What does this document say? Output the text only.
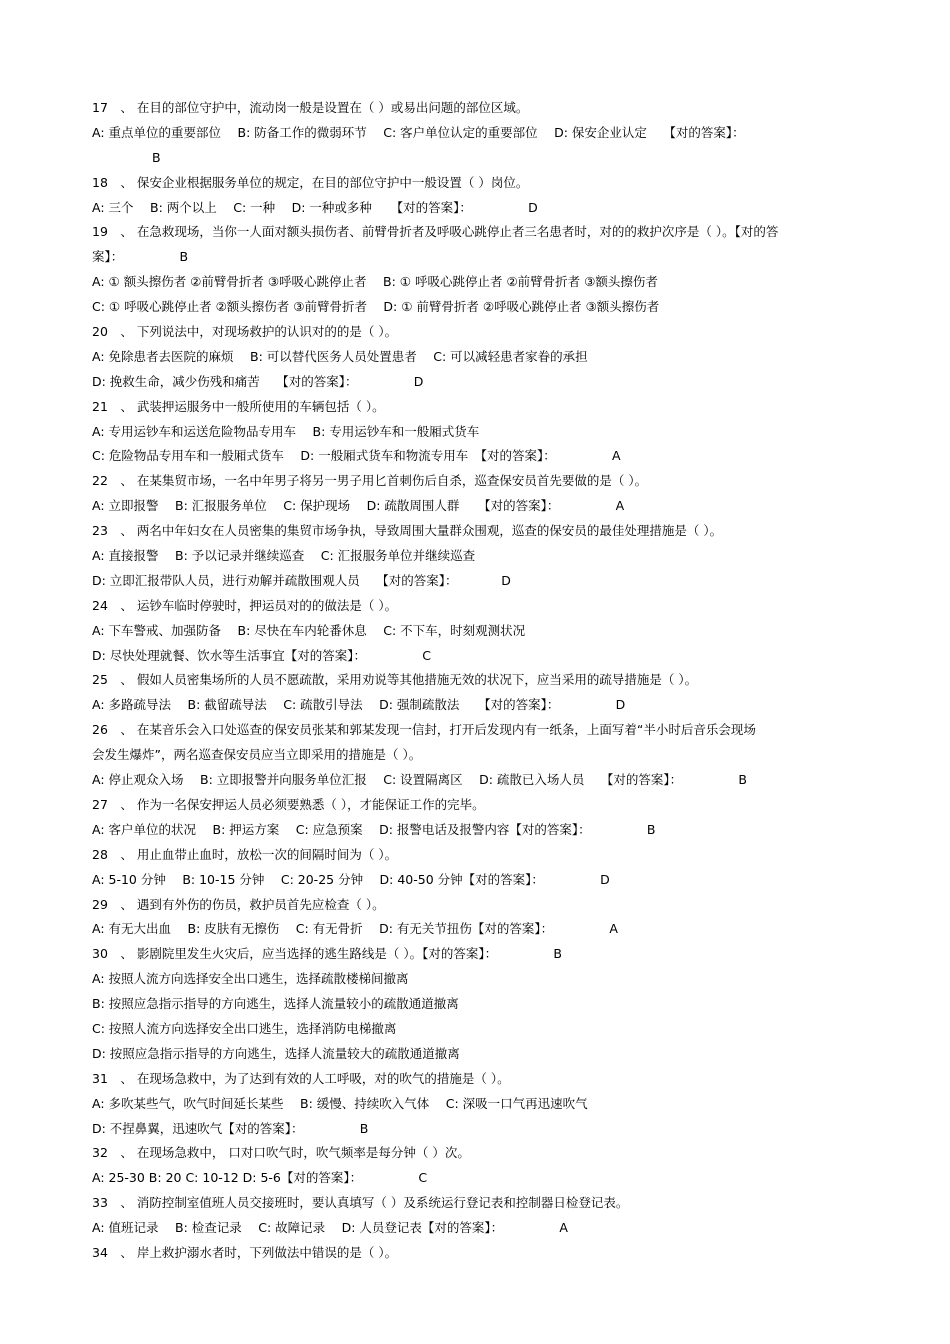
17　、 在目的部位守护中，流动岗一般是设置在（ ）或易出问题的部位区域。
A: 重点单位的重要部位　 B: 防备工作的微弱环节　 C: 客户单位认定的重要部位　 D: 保安企业认定　 【对的答案】：
B
18　、 保安企业根据服务单位的规定，在目的部位守护中一般设置（ ）岗位。
A: 三个　 B: 两个以上　 C: 一种　 D: 一种或多种　　【对的答案】：　　　　　D
19　、 在急救现场，当你一人面对额头损伤者、前臂骨折者及呼吸心跳停止者三名患者时，对的的救护次序是（ ）。【对的答
案】：　　　　　B
A: ① 额头擦伤者 ②前臂骨折者 ③呼吸心跳停止者　 B: ① 呼吸心跳停止者 ②前臂骨折者 ③额头擦伤者
C: ① 呼吸心跳停止者 ②额头擦伤者 ③前臂骨折者　 D: ① 前臂骨折者 ②呼吸心跳停止者 ③额头擦伤者
20　、 下列说法中，对现场救护的认识对的的是（ ）。
A: 免除患者去医院的麻烦　 B: 可以替代医务人员处置患者　 C: 可以减轻患者家眷的承担
D: 挽救生命，减少伤残和痛苦　 【对的答案】：　　　　　D
21　、 武装押运服务中一般所使用的车辆包括（ ）。
A: 专用运钞车和运送危险物品专用车　 B: 专用运钞车和一般厢式货车
C: 危险物品专用车和一般厢式货车　 D: 一般厢式货车和物流专用车　【对的答案】：　　　　　A
22　、 在某集贸市场，一名中年男子将另一男子用匕首刺伤后自杀，巡查保安员首先要做的是（ ）。
A: 立即报警　 B: 汇报服务单位　 C: 保护现场　 D: 疏散周围人群　　【对的答案】：　　　　　A
23　、 两名中年妇女在人员密集的集贸市场争执，导致周围大量群众围观，巡查的保安员的最佳处理措施是（ ）。
A: 直接报警　 B: 予以记录并继续巡查　 C: 汇报服务单位并继续巡查
D: 立即汇报带队人员，进行劝解并疏散围观人员　 【对的答案】：　　　　D
24　、 运钞车临时停驶时，押运员对的的做法是（ ）。
A: 下车警戒、加强防备　 B: 尽快在车内轮番休息　 C: 不下车，时刻观测状况
D: 尽快处理就餐、饮水等生活事宜【对的答案】：　　　　　C
25　、 假如人员密集场所的人员不愿疏散，采用劝说等其他措施无效的状况下，应当采用的疏导措施是（ ）。
A: 多路疏导法　 B: 截留疏导法　 C: 疏散引导法　 D: 强制疏散法　　【对的答案】：　　　　　D
26　、 在某音乐会入口处巡查的保安员张某和郭某发现一信封，打开后发现内有一纸条，上面写着“半小时后音乐会现场
会发生爆炸”，两名巡查保安员应当立即采用的措施是（ ）。
A: 停止观众入场　 B: 立即报警并向服务单位汇报　 C: 设置隔离区　 D: 疏散已入场人员　 【对的答案】：　　　　　B
27　、 作为一名保安押运人员必须要熟悉（ ），才能保证工作的完毕。
A: 客户单位的状况　 B: 押运方案　 C: 应急预案　 D: 报警电话及报警内容【对的答案】：　　　　　B
28　、 用止血带止血时，放松一次的间隔时间为（ ）。
A: 5-10 分钟　 B: 10-15 分钟　 C: 20-25 分钟　 D: 40-50 分钟【对的答案】：　　　　　D
29　、 遇到有外伤的伤员，救护员首先应检查（ ）。
A: 有无大出血　 B: 皮肤有无擦伤　 C: 有无骨折　 D: 有无关节扭伤【对的答案】：　　　　　A
30　、 影剧院里发生火灾后，应当选择的逃生路线是（ ）。【对的答案】：　　　　　B
A: 按照人流方向选择安全出口逃生，选择疏散楼梯间撤离
B: 按照应急指示指导的方向逃生，选择人流量较小的疏散通道撤离
C: 按照人流方向选择安全出口逃生，选择消防电梯撤离
D: 按照应急指示指导的方向逃生，选择人流量较大的疏散通道撤离
31　、 在现场急救中，为了达到有效的人工呼吸，对的吹气的措施是（ ）。
A: 多吹某些气，吹气时间延长某些　 B: 缓慢、持续吹入气体　 C: 深吸一口气再迅速吹气
D: 不捏鼻翼，迅速吹气【对的答案】：　　　　　B
32　、 在现场急救中， 口对口吹气时，吹气频率是每分钟（ ）次。
A: 25-30 B: 20 C: 10-12 D: 5-6【对的答案】：　　　　　C
33　、 消防控制室值班人员交接班时，要认真填写（ ）及系统运行登记表和控制器日检登记表。
A: 值班记录　 B: 检查记录　 C: 故障记录　 D: 人员登记表【对的答案】：　　　　　A
34　、 岸上救护溺水者时，下列做法中错误的是（ ）。
